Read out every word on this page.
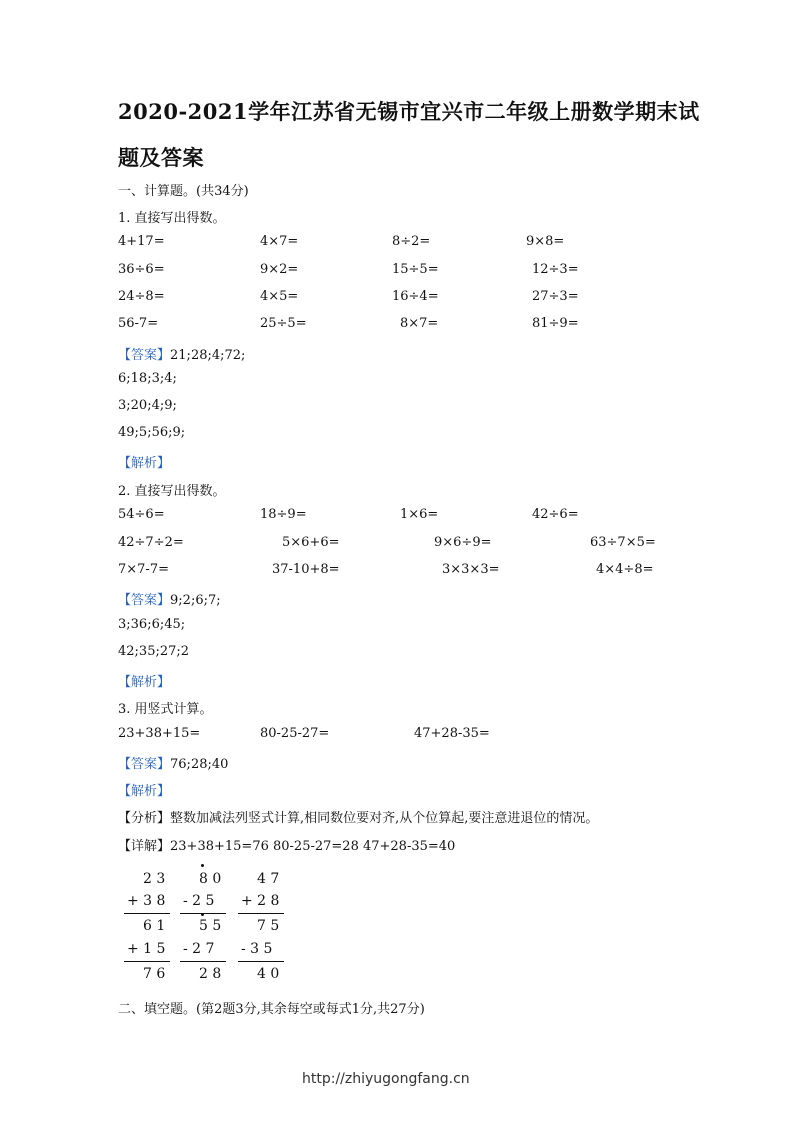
2020-2021学年江苏省无锡市宜兴市二年级上册数学期末试
题及答案
一、计算题。(共34分)
1. 直接写出得数。
4+17=	4×7=	8÷2=	9×8=
36÷6=	9×2=	15÷5=	12÷3=
24÷8=	4×5=	16÷4=	27÷3=
56-7=	25÷5=	8×7=	81÷9=
【答案】21;28;4;72;
6;18;3;4;
3;20;4;9;
49;5;56;9;
【解析】
2. 直接写出得数。
54÷6=	18÷9=	1×6=	42÷6=
42÷7÷2=	5×6+6=	9×6÷9=	63÷7×5=
7×7-7=	37-10+8=	3×3×3=	4×4÷8=
【答案】9;2;6;7;
3;36;6;45;
42;35;27;2
【解析】
3. 用竖式计算。
23+38+15=	80-25-27=	47+28-35=
【答案】76;28;40
【解析】
【分析】整数加减法列竖式计算,相同数位要对齐,从个位算起,要注意进退位的情况。
【详解】23+38+15=76 80-25-27=28 47+28-35=40
2 3
+ 3 8
6 1
+ 1 5
7 6
8 0
- 2 5
5 5
- 2 7
2 8
4 7
+ 2 8
7 5
- 3 5
4 0
二、填空题。(第2题3分,其余每空或每式1分,共27分)
http://zhiyugongfang.cn
